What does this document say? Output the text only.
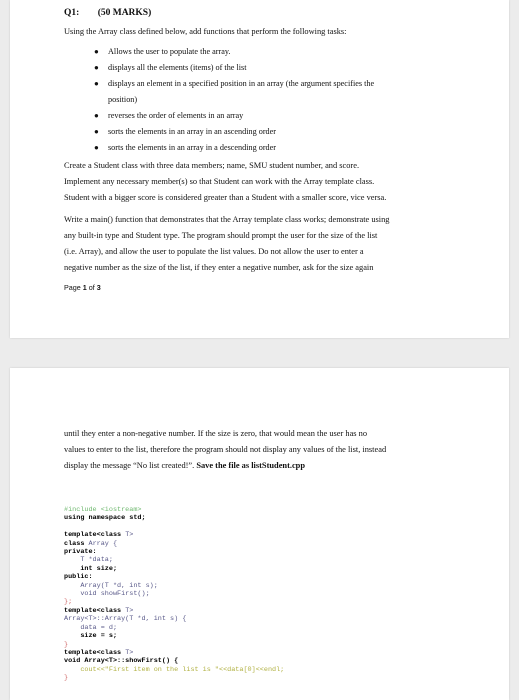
Q1: (50 MARKS)

Using the Array class defined below, add functions that perform the following tasks:

● Allows the user to populate the array.
● displays all the elements (items) of the list
● displays an element in a specified position in an array (the argument specifies the
position)
● reverses the order of elements in an array
● sorts the elements in an array in an ascending order
● sorts the elements in an array in a descending order

Create a Student class with three data members; name, SMU student number, and score.

Implement any necessary member(s) so that Student can work with the Array template class.

Student with a bigger score is considered greater than a Student with a smaller score, vice versa.

Write a main() function that demonstrates that the Array template class works; demonstrate using

any built-in type and Student type. The program should prompt the user for the size of the list

(i.e. Array), and allow the user to populate the list values. Do not allow the user to enter a

negative number as the size of the list, if they enter a negative number, ask for the size again

Page 1 of 3

until they enter a non-negative number. If the size is zero, that would mean the user has no

values to enter to the list, therefore the program should not display any values of the list, instead

display the message “No list created!”. Save the file as listStudent.cpp

#include <iostream>
using namespace std;

template<class T>
class Array {
private:
T *data;
int size;
public:
Array(T *d, int s);
void showFirst();
};
template<class T>
Array<T>::Array(T *d, int s) {
data = d;
size = s;
}
template<class T>
void Array<T>::showFirst() {
cout<<"First item on the list is "<<data[0]<<endl;
}
